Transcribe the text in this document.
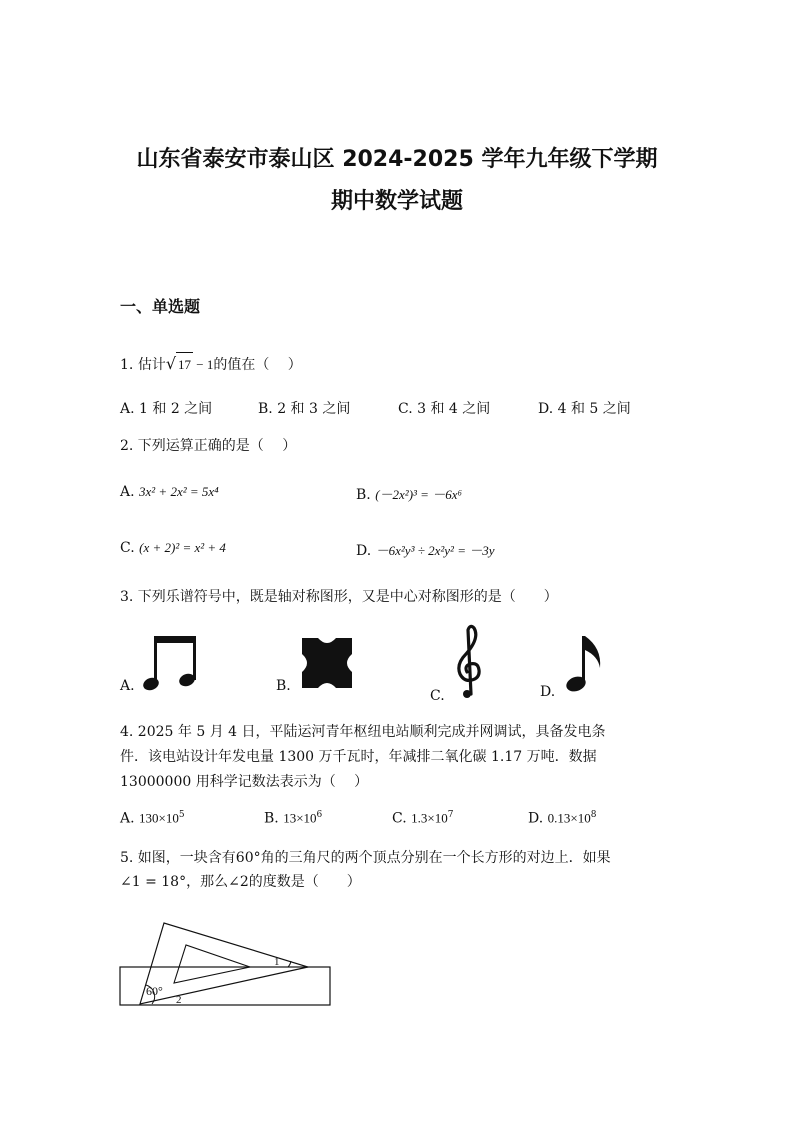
山东省泰安市泰山区 2024-2025 学年九年级下学期
期中数学试题
一、单选题
1. 估计√ 17 − 1的值在（　 ）
A. 1 和 2 之间	B. 2 和 3 之间	C. 3 和 4 之间	D. 4 和 5 之间
2. 下列运算正确的是（　 ）
A. 3x² + 2x² = 5x⁴	B. (－2x²)³ = －6x⁶
C. (x + 2)² = x² + 4	D. －6x²y³ ÷ 2x²y² = －3y
3. 下列乐谱符号中，既是轴对称图形，又是中心对称图形的是（　　）
A.	B.
C.	D.
4. 2025 年 5 月 4 日，平陆运河青年枢纽电站顺利完成并网调试，具备发电条
件．该电站设计年发电量 1300 万千瓦时，年减排二氧化碳 1.17 万吨．数据
13000000 用科学记数法表示为（　 ）
A. $130\times 10^5$	B. $13\times 10^6$	C. $1.3\times 10^7$	D. $0.13\times 10^8$
5. 如图，一块含有60°角的三角尺的两个顶点分别在一个长方形的对边上．如果
∠1 = 18°，那么∠2的度数是（　　）
60°
1
2
